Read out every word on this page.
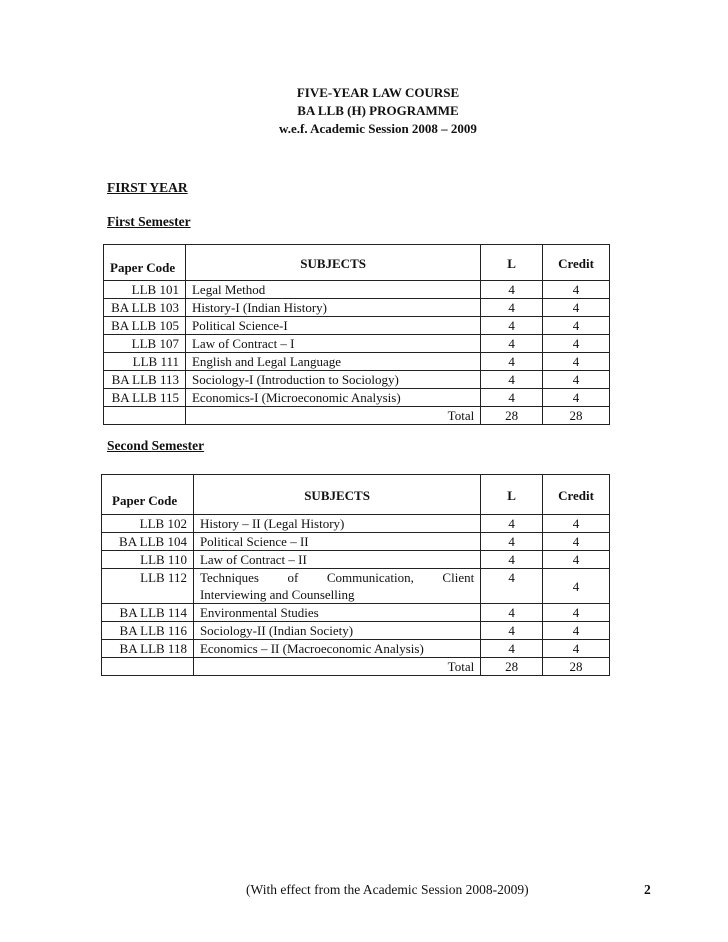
FIVE-YEAR LAW COURSE
BA LLB (H) PROGRAMME
w.e.f. Academic Session 2008 – 2009
FIRST YEAR
First Semester
Paper Code	SUBJECTS	L	Credit
LLB 101	Legal Method	4	4
BA LLB 103	History-I (Indian History)	4	4
BA LLB 105	Political Science-I	4	4
LLB 107	Law of Contract – I	4	4
LLB 111	English and Legal Language	4	4
BA LLB 113	Sociology-I (Introduction to Sociology)	4	4
BA LLB 115	Economics-I (Microeconomic Analysis)	4	4
	Total	28	28
Second Semester
Paper Code	SUBJECTS	L	Credit
LLB 102	History – II (Legal History)	4	4
BA LLB 104	Political Science – II	4	4
LLB 110	Law of Contract – II	4	4
LLB 112	Techniques of Communication, Client
Interviewing and Counselling	4	4
BA LLB 114	Environmental Studies	4	4
BA LLB 116	Sociology-II (Indian Society)	4	4
BA LLB 118	Economics – II (Macroeconomic Analysis)	4	4
	Total	28	28
(With effect from the Academic Session 2008-2009)	2
